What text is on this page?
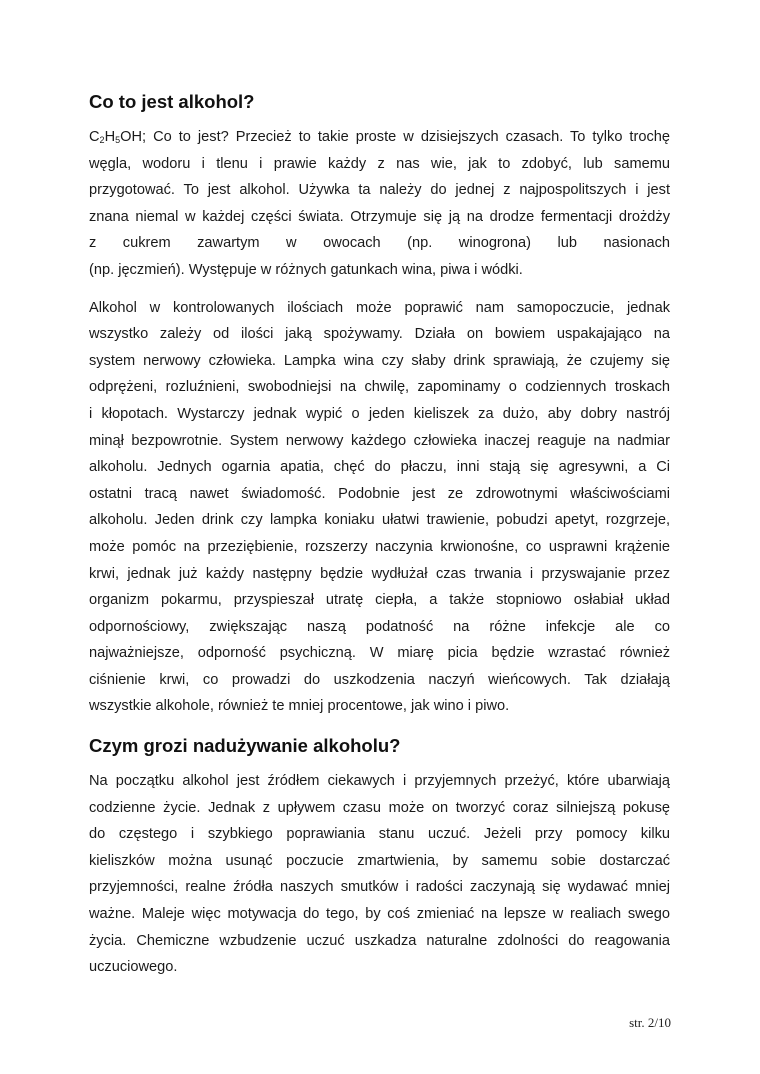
Co to jest alkohol?

$C_2H_5OH$; Co to jest? Przecież to takie proste w dzisiejszych czasach. To tylko trochę
węgla, wodoru i tlenu i prawie każdy z nas wie, jak to zdobyć, lub samemu
przygotować. To jest alkohol. Używka ta należy do jednej z najpospolitszych i jest
znana niemal w każdej części świata. Otrzymuje się ją na drodze fermentacji drożdży
z cukrem zawartym w owocach (np. winogrona) lub nasionach
(np. jęczmień). Występuje w różnych gatunkach wina, piwa i wódki.

Alkohol w kontrolowanych ilościach może poprawić nam samopoczucie, jednak
wszystko zależy od ilości jaką spożywamy. Działa on bowiem uspakajająco na
system nerwowy człowieka. Lampka wina czy słaby drink sprawiają, że czujemy się
odprężeni, rozluźnieni, swobodniejsi na chwilę, zapominamy o codziennych troskach
i kłopotach. Wystarczy jednak wypić o jeden kieliszek za dużo, aby dobry nastrój
minął bezpowrotnie. System nerwowy każdego człowieka inaczej reaguje na nadmiar
alkoholu. Jednych ogarnia apatia, chęć do płaczu, inni stają się agresywni, a Ci
ostatni tracą nawet świadomość. Podobnie jest ze zdrowotnymi właściwościami
alkoholu. Jeden drink czy lampka koniaku ułatwi trawienie, pobudzi apetyt, rozgrzeje,
może pomóc na przeziębienie, rozszerzy naczynia krwionośne, co usprawni krążenie
krwi, jednak już każdy następny będzie wydłużał czas trwania i przyswajanie przez
organizm pokarmu, przyspieszał utratę ciepła, a także stopniowo osłabiał układ
odpornościowy, zwiększając naszą podatność na różne infekcje ale co
najważniejsze, odporność psychiczną. W miarę picia będzie wzrastać również
ciśnienie krwi, co prowadzi do uszkodzenia naczyń wieńcowych. Tak działają
wszystkie alkohole, również te mniej procentowe, jak wino i piwo.

Czym grozi nadużywanie alkoholu?

Na początku alkohol jest źródłem ciekawych i przyjemnych przeżyć, które ubarwiają
codzienne życie. Jednak z upływem czasu może on tworzyć coraz silniejszą pokusę
do częstego i szybkiego poprawiania stanu uczuć. Jeżeli przy pomocy kilku
kieliszków można usunąć poczucie zmartwienia, by samemu sobie dostarczać
przyjemności, realne źródła naszych smutków i radości zaczynają się wydawać mniej
ważne. Maleje więc motywacja do tego, by coś zmieniać na lepsze w realiach swego
życia. Chemiczne wzbudzenie uczuć uszkadza naturalne zdolności do reagowania
uczuciowego.

str. 2/10
